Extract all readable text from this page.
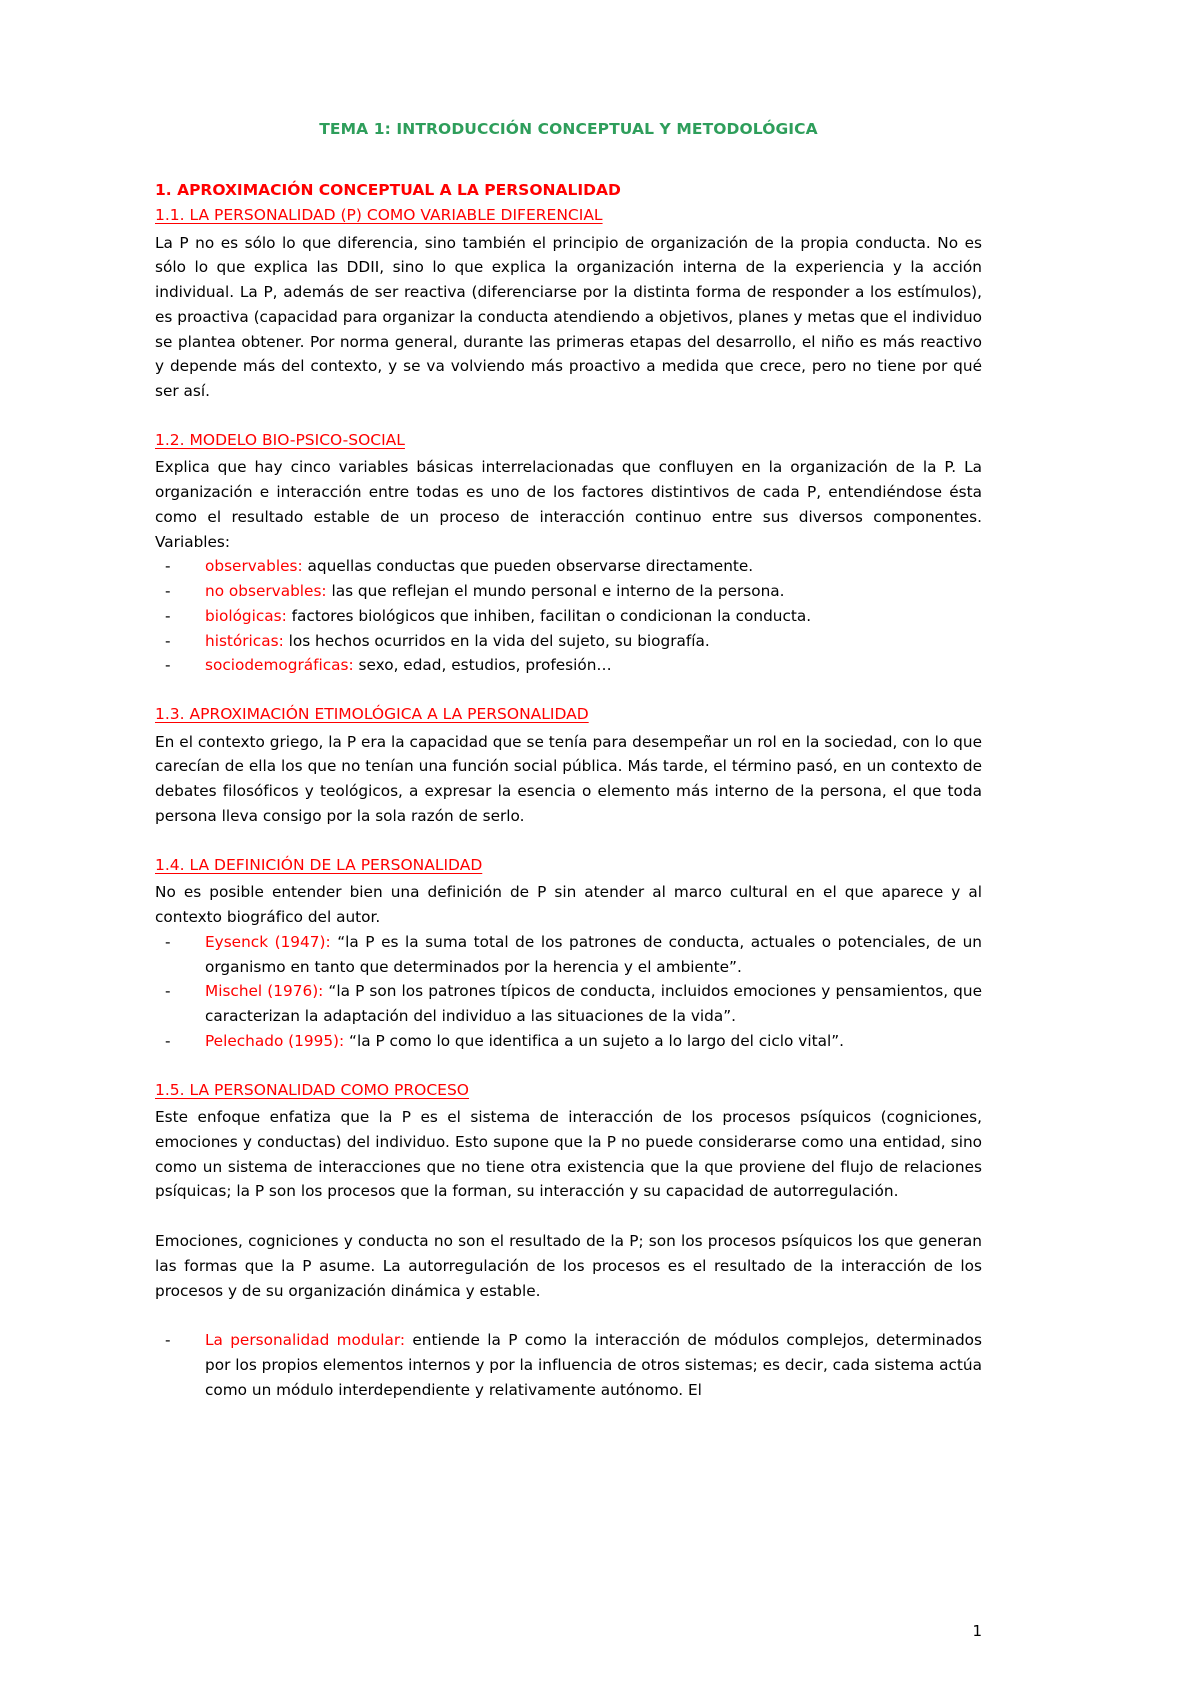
TEMA 1: INTRODUCCIÓN CONCEPTUAL Y METODOLÓGICA
1. APROXIMACIÓN CONCEPTUAL A LA PERSONALIDAD
1.1. LA PERSONALIDAD (P) COMO VARIABLE DIFERENCIAL

La P no es sólo lo que diferencia, sino también el principio de organización de la propia conducta. No es sólo lo que explica las DDII, sino lo que explica la organización interna de la experiencia y la acción individual. La P, además de ser reactiva (diferenciarse por la distinta forma de responder a los estímulos), es proactiva (capacidad para organizar la conducta atendiendo a objetivos, planes y metas que el individuo se plantea obtener. Por norma general, durante las primeras etapas del desarrollo, el niño es más reactivo y depende más del contexto, y se va volviendo más proactivo a medida que crece, pero no tiene por qué ser así.

1.2. MODELO BIO-PSICO-SOCIAL

Explica que hay cinco variables básicas interrelacionadas que confluyen en la organización de la P. La organización e interacción entre todas es uno de los factores distintivos de cada P, entendiéndose ésta como el resultado estable de un proceso de interacción continuo entre sus diversos componentes. Variables:

- observables: aquellas conductas que pueden observarse directamente.
- no observables: las que reflejan el mundo personal e interno de la persona.
- biológicas: factores biológicos que inhiben, facilitan o condicionan la conducta.
- históricas: los hechos ocurridos en la vida del sujeto, su biografía.
- sociodemográficas: sexo, edad, estudios, profesión…
1.3. APROXIMACIÓN ETIMOLÓGICA A LA PERSONALIDAD

En el contexto griego, la P era la capacidad que se tenía para desempeñar un rol en la sociedad, con lo que carecían de ella los que no tenían una función social pública. Más tarde, el término pasó, en un contexto de debates filosóficos y teológicos, a expresar la esencia o elemento más interno de la persona, el que toda persona lleva consigo por la sola razón de serlo.

1.4. LA DEFINICIÓN DE LA PERSONALIDAD

No es posible entender bien una definición de P sin atender al marco cultural en el que aparece y al contexto biográfico del autor.

- Eysenck (1947): “la P es la suma total de los patrones de conducta, actuales o potenciales, de un organismo en tanto que determinados por la herencia y el ambiente”.
- Mischel (1976): “la P son los patrones típicos de conducta, incluidos emociones y pensamientos, que caracterizan la adaptación del individuo a las situaciones de la vida”.
- Pelechado (1995): “la P como lo que identifica a un sujeto a lo largo del ciclo vital”.
1.5. LA PERSONALIDAD COMO PROCESO

Este enfoque enfatiza que la P es el sistema de interacción de los procesos psíquicos (cogniciones, emociones y conductas) del individuo. Esto supone que la P no puede considerarse como una entidad, sino como un sistema de interacciones que no tiene otra existencia que la que proviene del flujo de relaciones psíquicas; la P son los procesos que la forman, su interacción y su capacidad de autorregulación.

Emociones, cogniciones y conducta no son el resultado de la P; son los procesos psíquicos los que generan las formas que la P asume. La autorregulación de los procesos es el resultado de la interacción de los procesos y de su organización dinámica y estable.

- La personalidad modular: entiende la P como la interacción de módulos complejos, determinados por los propios elementos internos y por la influencia de otros sistemas; es decir, cada sistema actúa como un módulo interdependiente y relativamente autónomo. El
1
